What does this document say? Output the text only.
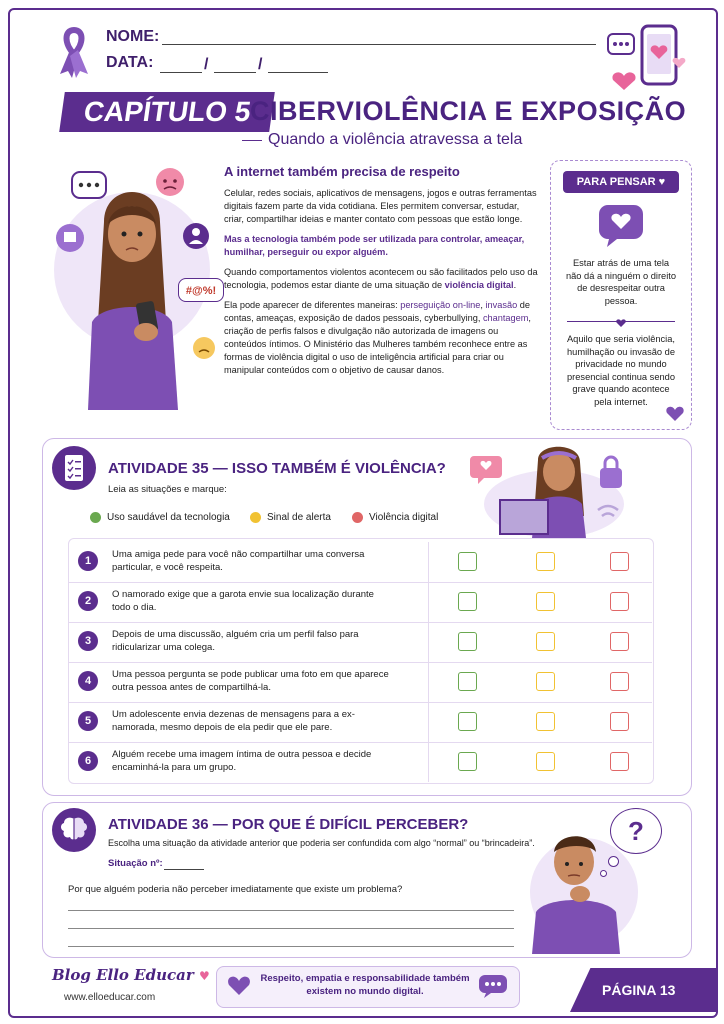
NOME:
DATA:	/	/
CAPÍTULO 5
CIBERVIOLÊNCIA E EXPOSIÇÃO
Quando a violência atravessa a tela
#@%!
A internet também precisa de respeito

Celular, redes sociais, aplicativos de mensagens, jogos e outras ferramentas digitais fazem parte da vida cotidiana. Eles permitem conversar, estudar, criar, compartilhar ideias e manter contato com pessoas que estão longe.

Mas a tecnologia também pode ser utilizada para controlar, ameaçar, humilhar, perseguir ou expor alguém.

Quando comportamentos violentos acontecem ou são facilitados pelo uso da tecnologia, podemos estar diante de uma situação de violência digital.

Ela pode aparecer de diferentes maneiras: perseguição on-line, invasão de contas, ameaças, exposição de dados pessoais, cyberbullying, chantagem, criação de perfis falsos e divulgação não autorizada de imagens ou conteúdos íntimos. O Ministério das Mulheres também reconhece entre as formas de violência digital o uso de inteligência artificial para criar ou manipular conteúdos com o objetivo de causar danos.

PARA PENSAR ♥
Estar atrás de uma tela não dá a ninguém o direito de desrespeitar outra pessoa.
Aquilo que seria violência, humilhação ou invasão de privacidade no mundo presencial continua sendo grave quando acontece pela internet.
ATIVIDADE 35 — ISSO TAMBÉM É VIOLÊNCIA?
Leia as situações e marque:
Uso saudável da tecnologia	Sinal de alerta	Violência digital
1
Uma amiga pede para você não compartilhar uma conversa particular, e você respeita.
2
O namorado exige que a garota envie sua localização durante todo o dia.
3
Depois de uma discussão, alguém cria um perfil falso para ridicularizar uma colega.
4
Uma pessoa pergunta se pode publicar uma foto em que aparece outra pessoa antes de compartilhá-la.
5
Um adolescente envia dezenas de mensagens para a ex-namorada, mesmo depois de ela pedir que ele pare.
6
Alguém recebe uma imagem íntima de outra pessoa e decide encaminhá-la para um grupo.
ATIVIDADE 36 — POR QUE É DIFÍCIL PERCEBER?
Escolha uma situação da atividade anterior que poderia ser confundida com algo “normal” ou “brincadeira”.
Situação nº:
Por que alguém poderia não perceber imediatamente que existe um problema?
?
Blog Ello Educar ♥
www.elloeducar.com
Respeito, empatia e responsabilidade também existem no mundo digital.	PÁGINA 13
